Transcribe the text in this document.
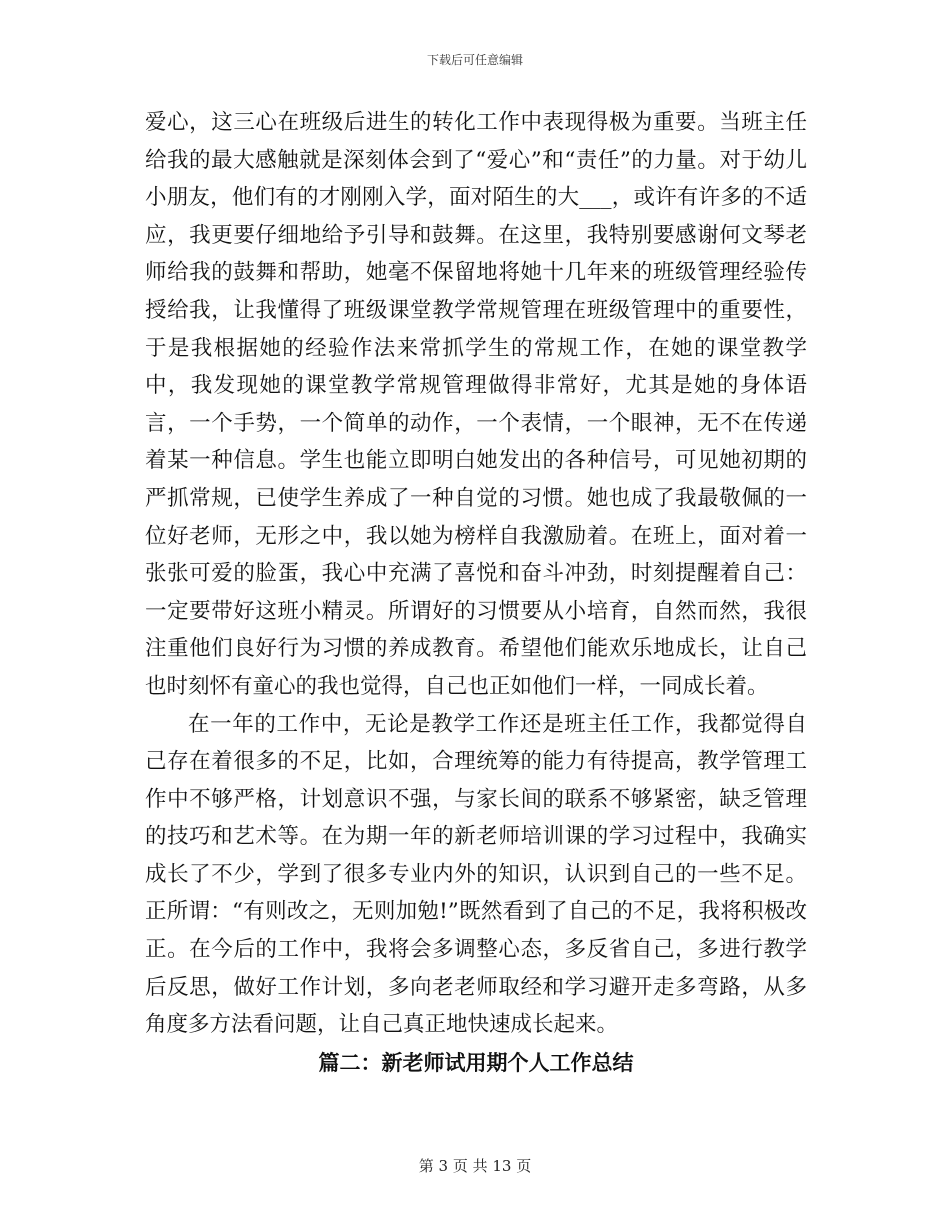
下载后可任意编辑

爱心，这三心在班级后进生的转化工作中表现得极为重要。当班主任给我的最大感触就是深刻体会到了“爱心”和“责任”的力量。对于幼儿小朋友，他们有的才刚刚入学，面对陌生的大___，或许有许多的不适应，我更要仔细地给予引导和鼓舞。在这里，我特别要感谢何文琴老师给我的鼓舞和帮助，她毫不保留地将她十几年来的班级管理经验传授给我，让我懂得了班级课堂教学常规管理在班级管理中的重要性，于是我根据她的经验作法来常抓学生的常规工作，在她的课堂教学中，我发现她的课堂教学常规管理做得非常好，尤其是她的身体语言，一个手势，一个简单的动作，一个表情，一个眼神，无不在传递着某一种信息。学生也能立即明白她发出的各种信号，可见她初期的严抓常规，已使学生养成了一种自觉的习惯。她也成了我最敬佩的一位好老师，无形之中，我以她为榜样自我激励着。在班上，面对着一张张可爱的脸蛋，我心中充满了喜悦和奋斗冲劲，时刻提醒着自己：一定要带好这班小精灵。所谓好的习惯要从小培育，自然而然，我很注重他们良好行为习惯的养成教育。希望他们能欢乐地成长，让自己也时刻怀有童心的我也觉得，自己也正如他们一样，一同成长着。

在一年的工作中，无论是教学工作还是班主任工作，我都觉得自己存在着很多的不足，比如，合理统筹的能力有待提高，教学管理工作中不够严格，计划意识不强，与家长间的联系不够紧密，缺乏管理的技巧和艺术等。在为期一年的新老师培训课的学习过程中，我确实成长了不少，学到了很多专业内外的知识，认识到自己的一些不足。正所谓：“有则改之，无则加勉!”既然看到了自己的不足，我将积极改正。在今后的工作中，我将会多调整心态，多反省自己，多进行教学后反思，做好工作计划，多向老老师取经和学习避开走多弯路，从多角度多方法看问题，让自己真正地快速成长起来。

篇二：新老师试用期个人工作总结

第 3 页 共 13 页
